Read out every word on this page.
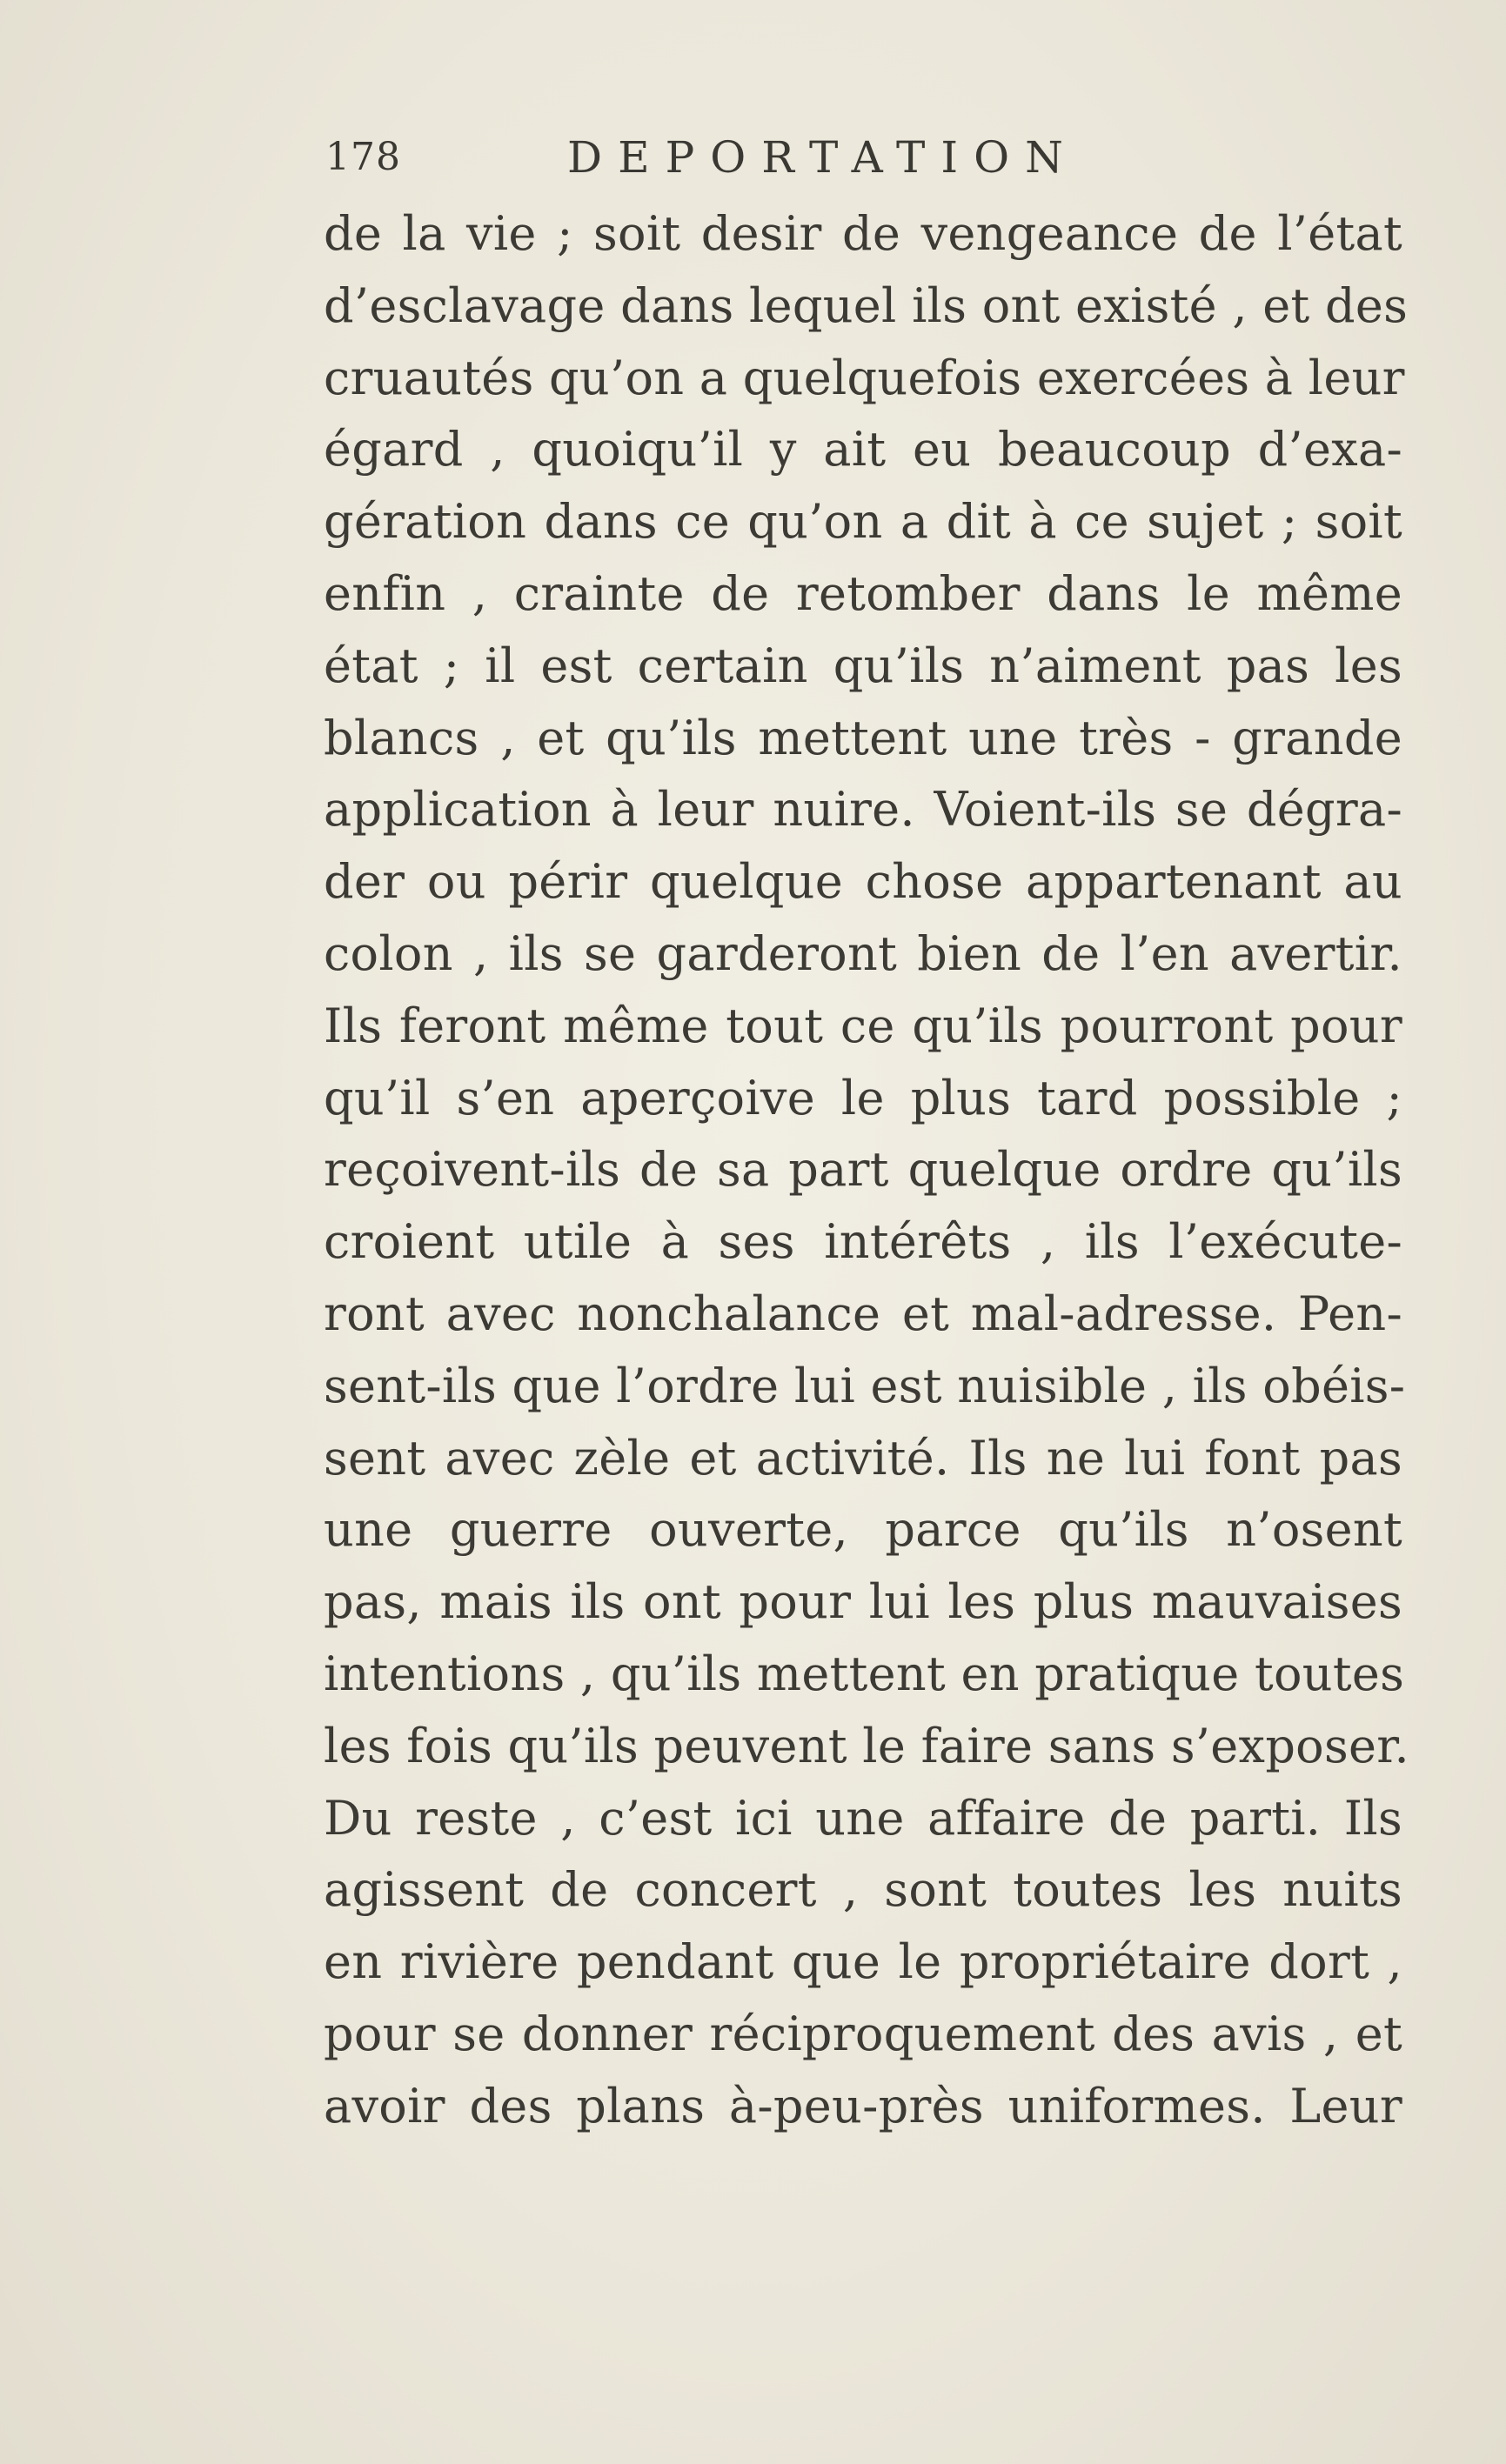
178	DEPORTATION
de la vie ; soit desir de vengeance de l’état
d’esclavage dans lequel ils ont existé , et des
cruautés qu’on a quelquefois exercées à leur
égard , quoiqu’il y ait eu beaucoup d’exa-
gération dans ce qu’on a dit à ce sujet ; soit
enfin , crainte de retomber dans le même
état ; il est certain qu’ils n’aiment pas les
blancs , et qu’ils mettent une très - grande
application à leur nuire. Voient-ils se dégra-
der ou périr quelque chose appartenant au
colon , ils se garderont bien de l’en avertir.
Ils feront même tout ce qu’ils pourront pour
qu’il s’en aperçoive le plus tard possible ;
reçoivent-ils de sa part quelque ordre qu’ils
croient utile à ses intérêts , ils l’exécute-
ront avec nonchalance et mal-adresse. Pen-
sent-ils que l’ordre lui est nuisible , ils obéis-
sent avec zèle et activité. Ils ne lui font pas
une guerre ouverte, parce qu’ils n’osent
pas, mais ils ont pour lui les plus mauvaises
intentions , qu’ils mettent en pratique toutes
les fois qu’ils peuvent le faire sans s’exposer.
Du reste , c’est ici une affaire de parti. Ils
agissent de concert , sont toutes les nuits
en rivière pendant que le propriétaire dort ,
pour se donner réciproquement des avis , et
avoir des plans à-peu-près uniformes. Leur
